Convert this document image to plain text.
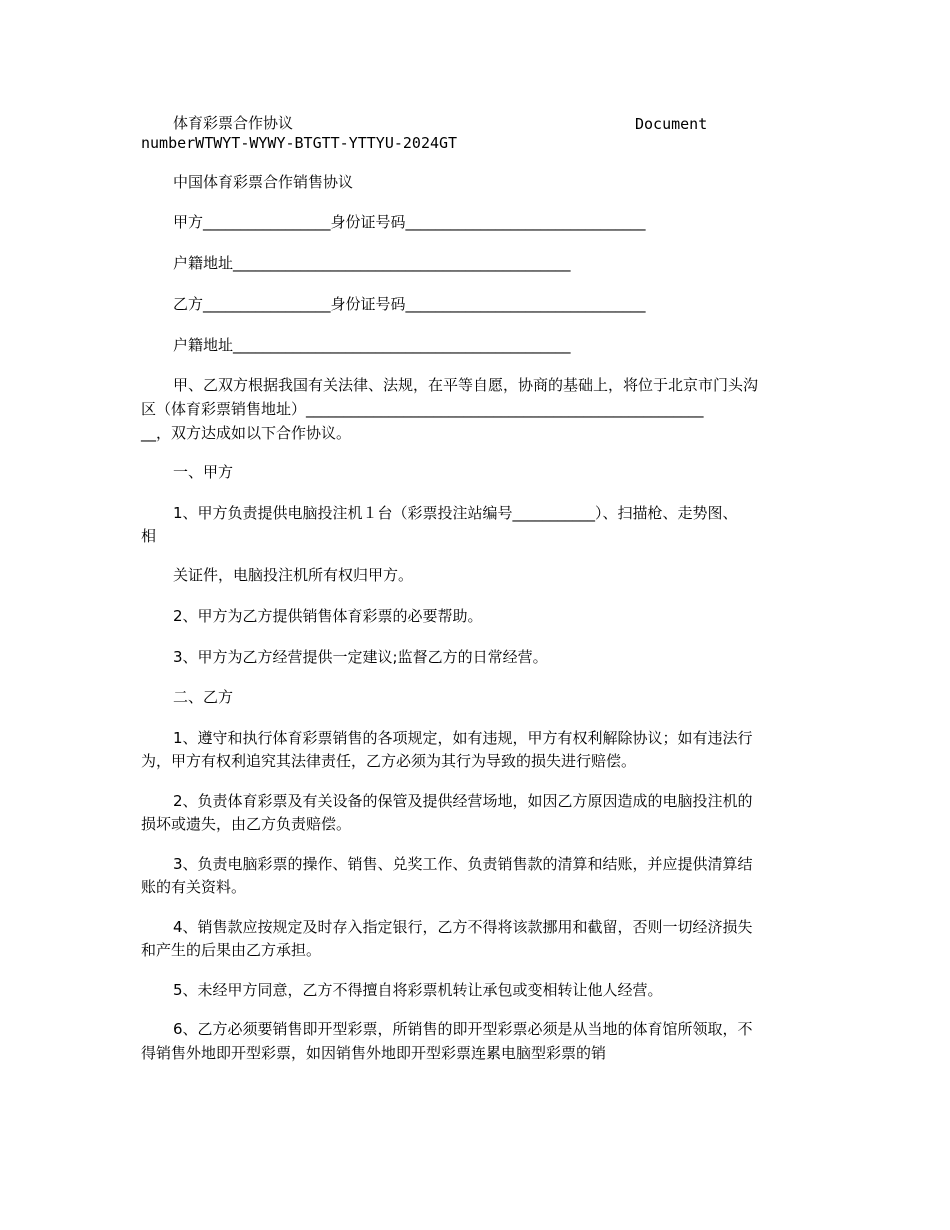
体育彩票合作协议	Document
numberWTWYT-WYWY-BTGTT-YTTYU-2024GT
中国体育彩票合作销售协议
甲方_________________身份证号码________________________________
户籍地址_____________________________________________
乙方_________________身份证号码________________________________
户籍地址_____________________________________________
甲、乙双方根据我国有关法律、法规，在平等自愿，协商的基础上，将位于北京市门头沟
区（体育彩票销售地址）_____________________________________________________
__，双方达成如以下合作协议。
一、甲方
1、甲方负责提供电脑投注机１台（彩票投注站编号___________）、扫描枪、走势图、
相
关证件，电脑投注机所有权归甲方。
2、甲方为乙方提供销售体育彩票的必要帮助。
3、甲方为乙方经营提供一定建议;监督乙方的日常经营。
二、乙方
1、遵守和执行体育彩票销售的各项规定，如有违规，甲方有权利解除协议；如有违法行
为，甲方有权利追究其法律责任，乙方必须为其行为导致的损失进行赔偿。
2、负责体育彩票及有关设备的保管及提供经营场地，如因乙方原因造成的电脑投注机的
损坏或遗失，由乙方负责赔偿。
3、负责电脑彩票的操作、销售、兑奖工作、负责销售款的清算和结账，并应提供清算结
账的有关资料。
4、销售款应按规定及时存入指定银行，乙方不得将该款挪用和截留，否则一切经济损失
和产生的后果由乙方承担。
5、未经甲方同意，乙方不得擅自将彩票机转让承包或变相转让他人经营。
6、乙方必须要销售即开型彩票，所销售的即开型彩票必须是从当地的体育馆所领取，不
得销售外地即开型彩票，如因销售外地即开型彩票连累电脑型彩票的销
